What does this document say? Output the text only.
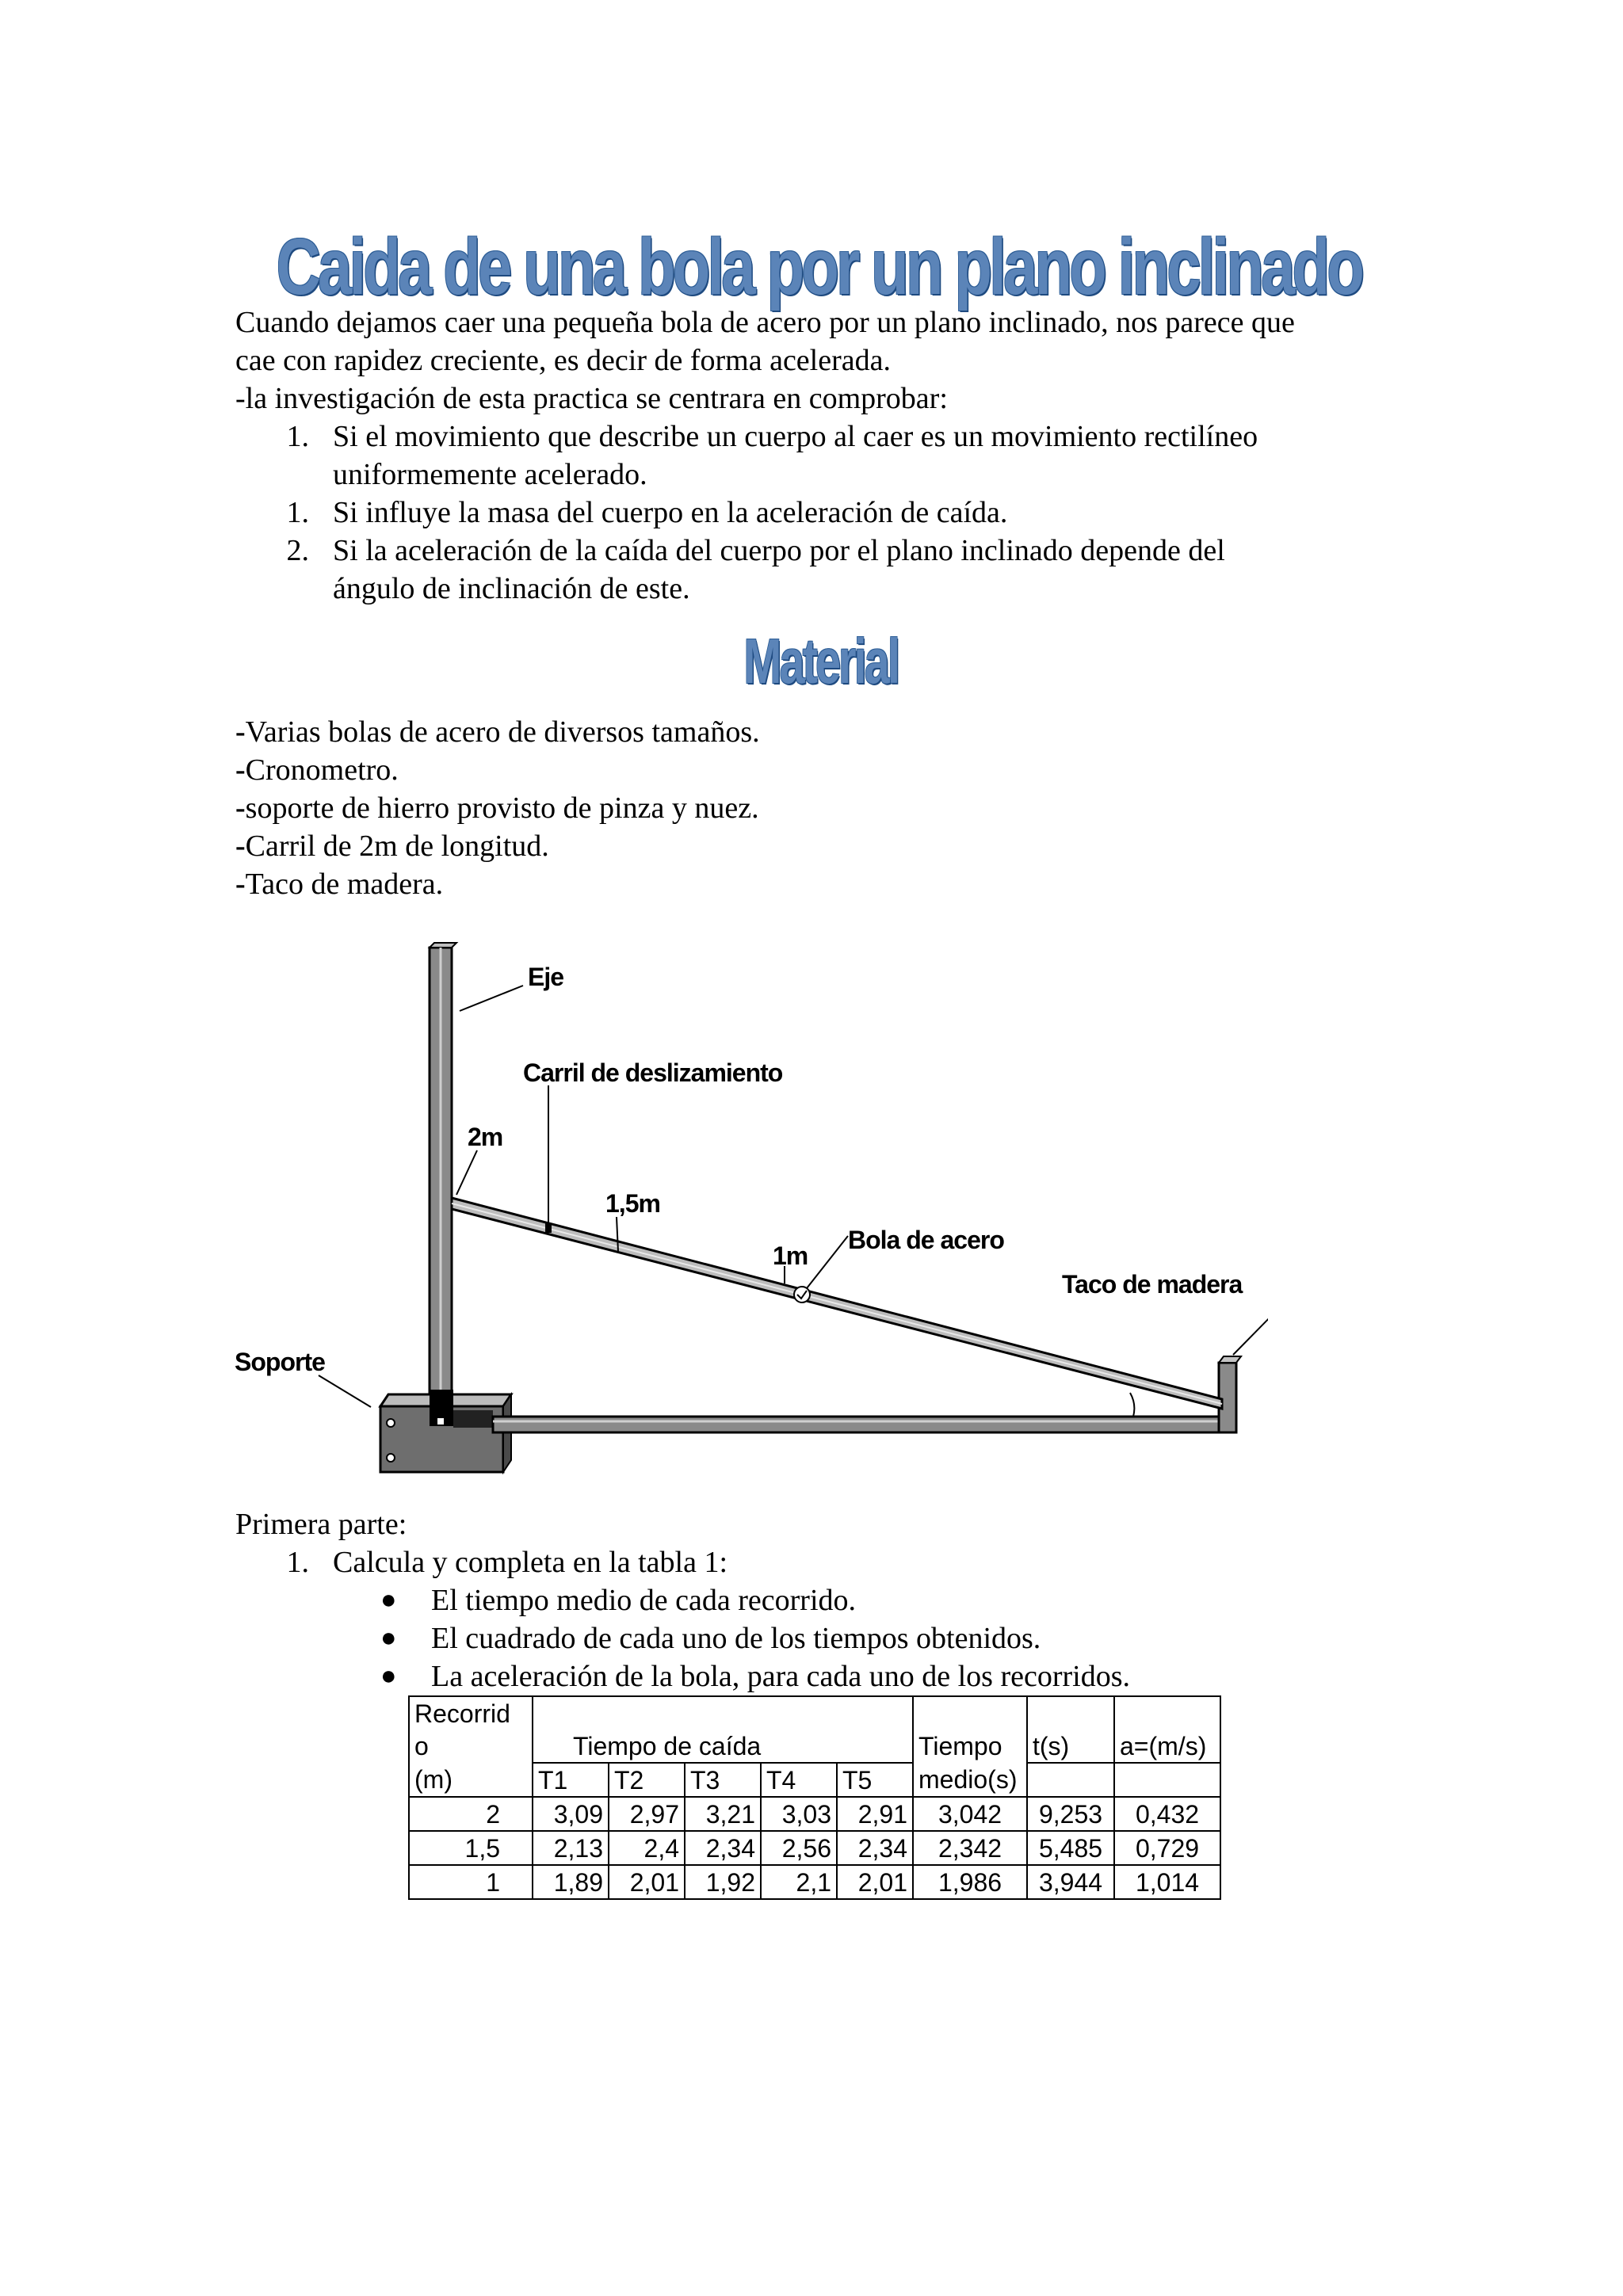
Caida de una bola por un plano inclinado
Cuando dejamos caer una pequeña bola de acero por un plano inclinado, nos parece que
cae con rapidez creciente, es decir de forma acelerada.
-la investigación de esta practica se centrara en comprobar:
1. Si el movimiento que describe un cuerpo al caer es un movimiento rectilíneo
uniformemente acelerado.
1. Si influye la masa del cuerpo en la aceleración de caída.
2. Si la aceleración de la caída del cuerpo por el plano inclinado depende del
ángulo de inclinación de este.
Material
-Varias bolas de acero de diversos tamaños.
-Cronometro.
-soporte de hierro provisto de pinza y nuez.
-Carril de 2m de longitud.
-Taco de madera.
Eje
Carril de deslizamiento
2m
1,5m
1m
Bola de acero
Taco de madera
Soporte
Primera parte:
1. Calcula y completa en la tabla 1:
● El tiempo medio de cada recorrido.
● El cuadrado de cada uno de los tiempos obtenidos.
● La aceleración de la bola, para cada uno de los recorridos.
Recorrid								
o	Tiempo de caída					Tiempo	t(s)	a=(m/s)
(m)	T1	T2	T3	T4	T5	medio(s)		
2	3,09	2,97	3,21	3,03	2,91	3,042	9,253	0,432
1,5	2,13	2,4	2,34	2,56	2,34	2,342	5,485	0,729
1	1,89	2,01	1,92	2,1	2,01	1,986	3,944	1,014
